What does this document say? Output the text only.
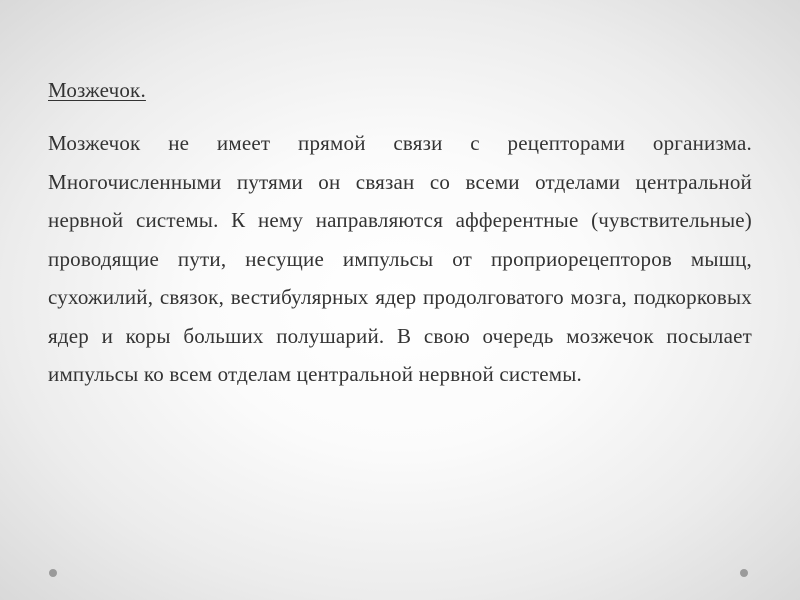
Мозжечок.
Мозжечок не имеет прямой связи с рецепторами организма. Многочисленными путями он связан со всеми отделами центральной нервной системы. К нему направляются афферентные (чувствительные) проводящие пути, несущие импульсы от проприорецепторов мышц, сухожилий, связок, вестибулярных ядер продолговатого мозга, подкорковых ядер и коры больших полушарий. В свою очередь мозжечок посылает импульсы ко всем отделам центральной нервной системы.
